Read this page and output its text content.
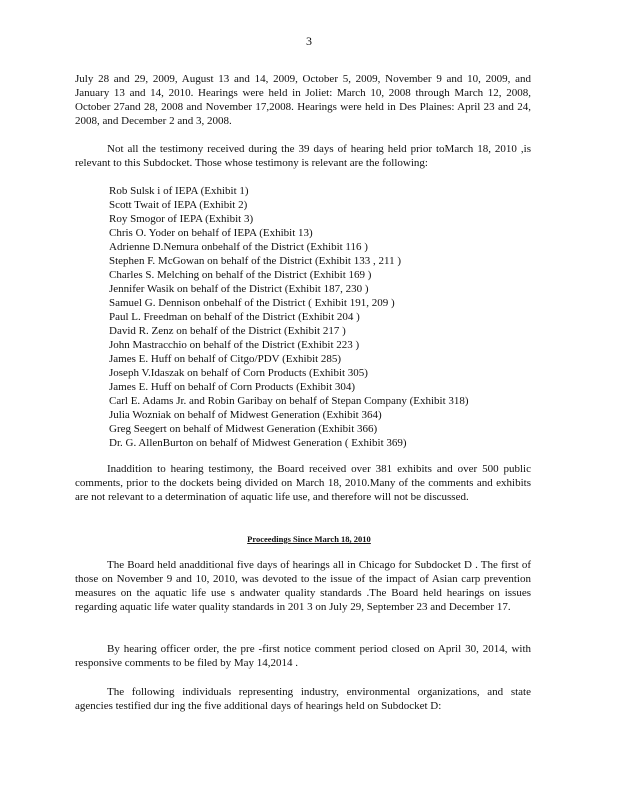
3

July 28 and 29, 2009, August 13 and 14, 2009, October 5, 2009, November 9 and 10, 2009, and January 13 and 14, 2010. Hearings were held in Joliet: March 10, 2008 through March 12, 2008, October 27and 28, 2008 and November 17,2008. Hearings were held in Des Plaines: April 23 and 24, 2008, and December 2 and 3, 2008.

Not all the testimony received during the 39 days of hearing held prior toMarch 18, 2010 ,is relevant to this Subdocket. Those whose testimony is relevant are the following:

Rob Sulsk i of IEPA (Exhibit 1)
Scott Twait of IEPA (Exhibit 2)
Roy Smogor of IEPA (Exhibit 3)
Chris O. Yoder on behalf of IEPA (Exhibit 13)
Adrienne D.Nemura onbehalf of the District (Exhibit 116 )
Stephen F. McGowan on behalf of the District (Exhibit 133 , 211 )
Charles S. Melching on behalf of the District (Exhibit 169 )
Jennifer Wasik on behalf of the District (Exhibit 187, 230 )
Samuel G. Dennison onbehalf of the District ( Exhibit 191, 209 )
Paul L. Freedman on behalf of the District (Exhibit 204 )
David R. Zenz on behalf of the District (Exhibit 217 )
John Mastracchio on behalf of the District (Exhibit 223 )
James E. Huff on behalf of Citgo/PDV (Exhibit 285)
Joseph V.Idaszak on behalf of Corn Products (Exhibit 305)
James E. Huff on behalf of Corn Products (Exhibit 304)
Carl E. Adams Jr. and Robin Garibay on behalf of Stepan Company (Exhibit 318)
Julia Wozniak on behalf of Midwest Generation (Exhibit 364)
Greg Seegert on behalf of Midwest Generation (Exhibit 366)
Dr. G. AllenBurton on behalf of Midwest Generation ( Exhibit 369)

Inaddition to hearing testimony, the Board received over 381 exhibits and over 500 public comments, prior to the dockets being divided on March 18, 2010.Many of the comments and exhibits are not relevant to a determination of aquatic life use, and therefore will not be discussed.

Proceedings Since March 18, 2010

The Board held anadditional five days of hearings all in Chicago for Subdocket D . The first of those on November 9 and 10, 2010, was devoted to the issue of the impact of Asian carp prevention measures on the aquatic life use s andwater quality standards .The Board held hearings on issues regarding aquatic life water quality standards in 201 3 on July 29, September 23 and December 17.

By hearing officer order, the pre -first notice comment period closed on April 30, 2014, with responsive comments to be filed by May 14,2014 .

The following individuals representing industry, environmental organizations, and state agencies testified dur ing the five additional days of hearings held on Subdocket D:
